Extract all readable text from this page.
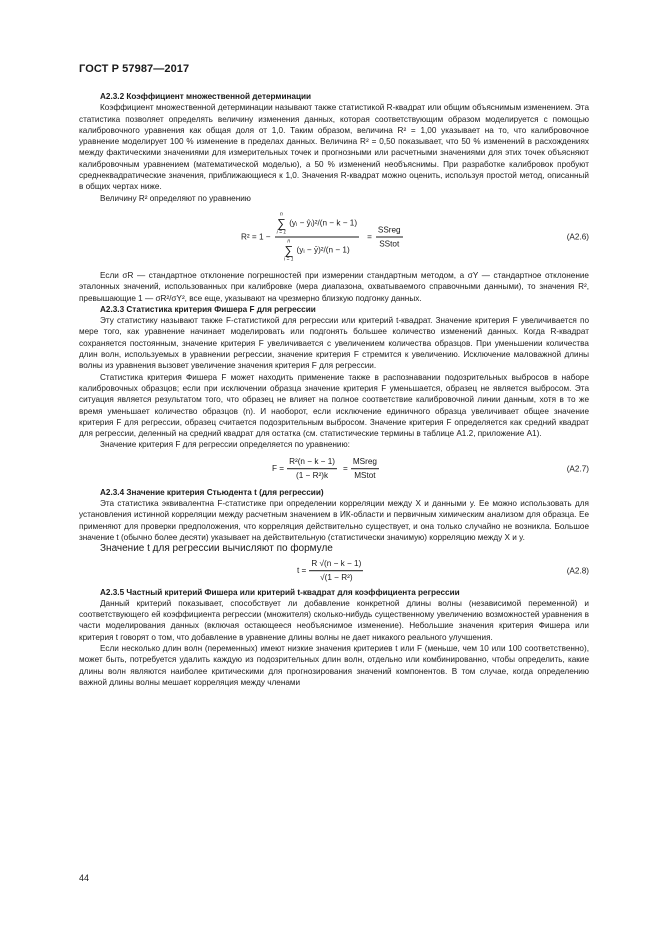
ГОСТ Р 57987—2017
А2.3.2 Коэффициент множественной детерминации

Коэффициент множественной детерминации называют также статистикой R-квадрат или общим объяснимым изменением. Эта статистика позволяет определять величину изменения данных, которая соответствующим образом моделируется с помощью калибровочного уравнения как общая доля от 1,0. Таким образом, величина R² = 1,00 указывает на то, что калибровочное уравнение моделирует 100 % изменение в пределах данных. Величина R² = 0,50 показывает, что 50 % изменений в расхождениях между фактическими значениями для измерительных точек и прогнозными или расчетными значениями для этих точек объясняют калибровочным уравнением (математической моделью), а 50 % изменений необъяснимы. При разработке калибровок пробуют среднеквадратические значения, приближающиеся к 1,0. Значения R-квадрат можно оценить, используя простой метод, описанный в общих чертах ниже.

Величину R² определяют по уравнению

R² = 1 − n
∑
i = 1
(yᵢ − ŷᵢ)²/(n − k − 1)
n
∑
i = 1
(yᵢ − ȳ)²/(n − $1) = \frac{\text{SSreg}}{\text{SStot}}$	(А2.6)

Если σR — стандартное отклонение погрешностей при измерении стандартным методом, а σY — стандартное отклонение эталонных значений, использованных при калибровке (мера диапазона, охватываемого справочными данными), то значения R², превышающие 1 — σR²/σY², все еще, указывают на чрезмерно близкую подгонку данных.

А2.3.3 Статистика критерия Фишера F для регрессии

Эту статистику называют также F-статистикой для регрессии или критерий t-квадрат. Значение критерия F увеличивается по мере того, как уравнение начинает моделировать или подгонять большее количество изменений данных. Когда R-квадрат сохраняется постоянным, значение критерия F увеличивается с увеличением количества образцов. При уменьшении количества длин волн, используемых в уравнении регрессии, значение критерия F стремится к увеличению. Исключение маловажной длины волны из уравнения вызовет увеличение значения критерия F для регрессии.

Статистика критерия Фишера F может находить применение также в распознавании подозрительных выбросов в наборе калибровочных образцов; если при исключении образца значение критерия F уменьшается, образец не является выбросом. Эта ситуация является результатом того, что образец не влияет на полное соответствие калибровочной линии данным, хотя в то же время уменьшает количество образцов (n). И наоборот, если исключение единичного образца увеличивает общее значение критерия F для регрессии, образец считается подозрительным выбросом. Значение критерия F определяется как средний квадрат для регрессии, деленный на средний квадрат для остатка (см. статистические термины в таблице А1.2, приложение А1).

Значение критерия F для регрессии определяется по уравнению:

$F = \frac{\text{R²(n − k − 1)}}{\text{(1 − R²)k}} = \frac{\text{MSreg}}{\text{MStot}}$	(А2.7)
А2.3.4 Значение критерия Стьюдента t (для регрессии)

Эта статистика эквивалентна F-статистике при определении корреляции между X и данными y. Ее можно использовать для установления истинной корреляции между расчетным значением в ИК-области и первичным химическим анализом для образца. Ее применяют для проверки предположения, что корреляция действительно существует, и она только случайно не возникла. Большое значение t (обычно более десяти) указывает на действительную (статистически значимую) корреляцию между X и y.

Значение t для регрессии вычисляют по формуле

$t = \frac{R √(n - k - 1)}{\text{√(1 − R²)}}$	(А2.8)
А2.3.5 Частный критерий Фишера или критерий t-квадрат для коэффициента регрессии

Данный критерий показывает, способствует ли добавление конкретной длины волны (независимой переменной) и соответствующего ей коэффициента регрессии (множителя) сколько-нибудь существенному увеличению возможностей уравнения в части моделирования данных (включая остающееся необъяснимое изменение). Небольшие значения критерия Фишера или критерия t говорят о том, что добавление в уравнение длины волны не дает никакого реального улучшения.

Если несколько длин волн (переменных) имеют низкие значения критериев t или F (меньше, чем 10 или 100 соответственно), может быть, потребуется удалить каждую из подозрительных длин волн, отдельно или комбинированно, чтобы определить, какие длины волн являются наиболее критическими для прогнозирования значений компонентов. В том случае, когда определению важной длины волны мешает корреляция между членами

44
